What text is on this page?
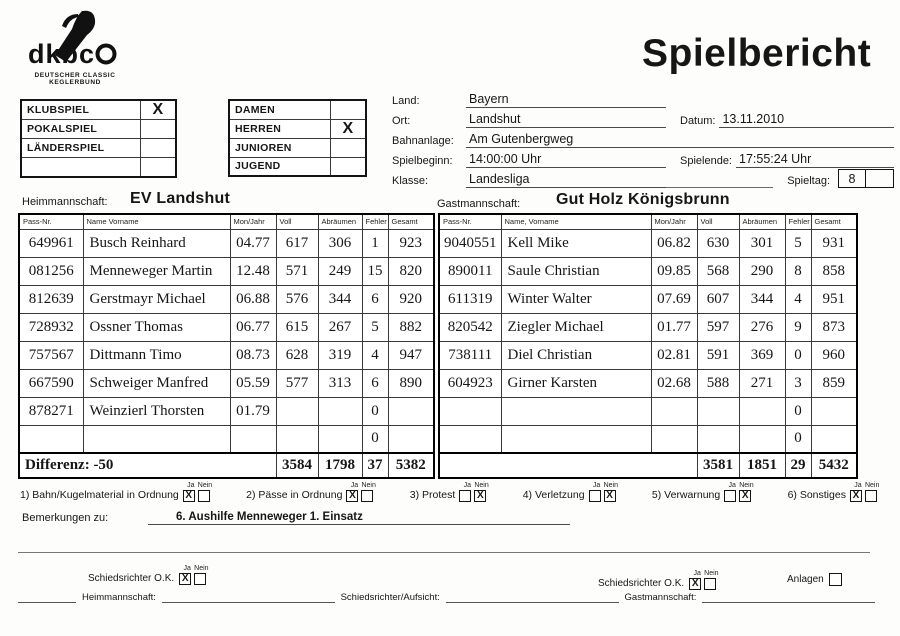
dkbc
DEUTSCHER CLASSIC
KEGLERBUND
Spielbericht
KLUBSPIEL	X
POKALSPIEL	
LÄNDERSPIEL	

DAMEN	
HERREN	X
JUNIOREN	
JUGEND	
Land:	Bayern
Ort:	Landshut	Datum: 13.11.2010
Bahnanlage:	Am Gutenbergweg
Spielbeginn:	14:00:00 Uhr	Spielende: 17:55:24 Uhr
Klasse:	Landesliga	Spieltag:	8
Heimmannschaft: EV Landshut	Gastmannschaft: Gut Holz Königsbrunn
Pass-Nr.	Name Vorname	Mon/Jahr	Voll	Abräumen	Fehler	Gesamt
649961	Busch Reinhard	04.77	617	306	1	923
081256	Menneweger Martin	12.48	571	249	15	820
812639	Gerstmayr Michael	06.88	576	344	6	920
728932	Ossner Thomas	06.77	615	267	5	882
757567	Dittmann Timo	08.73	628	319	4	947
667590	Schweiger Manfred	05.59	577	313	6	890
878271	Weinzierl Thorsten	01.79			0	
					0	
Differenz: -50			3584	1798	37	5382
Pass-Nr.	Name, Vorname	Mon/Jahr	Voll	Abräumen	Fehler	Gesamt
9040551	Kell Mike	06.82	630	301	5	931
890011	Saule Christian	09.85	568	290	8	858
611319	Winter Walter	07.69	607	344	4	951
820542	Ziegler Michael	01.77	597	276	9	873
738111	Diel Christian	02.81	591	369	0	960
604923	Girner Karsten	02.68	588	271	3	859
					0	
					0	
			3581	1851	29	5432
1) Bahn/Kugelmaterial in Ordnung
Ja Nein
X	2) Pässe in Ordnung
Ja Nein
X	3) Protest
Ja Nein
X	4) Verletzung
Ja Nein
X	5) Verwarnung
Ja Nein
X	6) Sonstiges
Ja Nein
X
Bemerkungen zu:	6. Aushilfe Menneweger 1. Einsatz
Schiedsrichter O.K.
Ja Nein
X	Schiedsrichter O.K.
Ja Nein
X	Anlagen
Heimmannschaft:	Schiedsrichter/Aufsicht:	Gastmannschaft:
